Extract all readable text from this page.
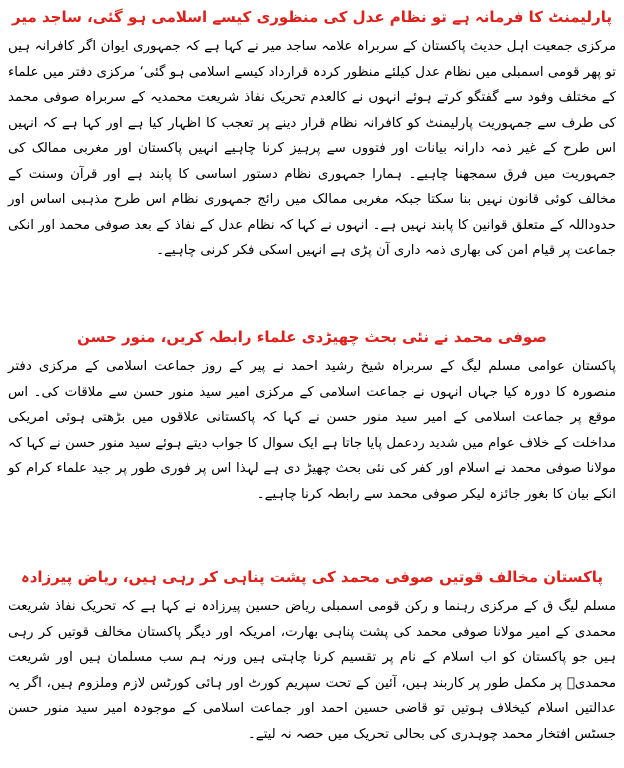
پارلیمنٹ کا فرمانہ ہے تو نظام عدل کی منظوری کیسے اسلامی ہو گئی، ساجد میر

مرکزی جمعیت اہل حدیث پاکستان کے سربراہ علامہ ساجد میر نے کہا ہے کہ جمہوری ایوان اگر کافرانہ ہیں تو پھر قومی اسمبلی میں نظام عدل کیلئے منظور کردہ قرارداد کیسے اسلامی ہو گئی‘ مرکزی دفتر میں علماء کے مختلف وفود سے گفتگو کرتے ہوئے انہوں نے کالعدم تحریک نفاذ شریعت محمدیہ کے سربراہ صوفی محمد کی طرف سے جمہوریت پارلیمنٹ کو کافرانہ نظام قرار دینے پر تعجب کا اظہار کیا ہے اور کہا ہے کہ انہیں اس طرح کے غیر ذمہ دارانہ بیانات اور فتووں سے پرہیز کرنا چاہیے انہیں پاکستان اور مغربی ممالک کی جمہوریت میں فرق سمجھنا چاہیے۔ ہمارا جمہوری نظام دستور اساسی کا پابند ہے اور قرآن وسنت کے مخالف کوئی قانون نہیں بنا سکتا جبکہ مغربی ممالک میں رائج جمہوری نظام اس طرح مذہبی اساس اور حدوداللہ کے متعلق قوانین کا پابند نہیں ہے۔ انہوں نے کہا کہ نظام عدل کے نفاذ کے بعد صوفی محمد اور انکی جماعت پر قیام امن کی بھاری ذمہ داری آن پڑی ہے انہیں اسکی فکر کرنی چاہیے۔

صوفی محمد نے نئی بحث چھیڑدی علماء رابطہ کریں، منور حسن

پاکستان عوامی مسلم لیگ کے سربراہ شیخ رشید احمد نے پیر کے روز جماعت اسلامی کے مرکزی دفتر منصورہ کا دورہ کیا جہاں انہوں نے جماعت اسلامی کے مرکزی امیر سید منور حسن سے ملاقات کی۔ اس موقع پر جماعت اسلامی کے امیر سید منور حسن نے کہا کہ پاکستانی علاقوں میں بڑھتی ہوئی امریکی مداخلت کے خلاف عوام میں شدید ردعمل پایا جاتا ہے ایک سوال کا جواب دیتے ہوئے سید منور حسن نے کہا کہ مولانا صوفی محمد نے اسلام اور کفر کی نئی بحث چھیڑ دی ہے لہذا اس پر فوری طور پر جید علماء کرام کو انکے بیان کا بغور جائزہ لیکر صوفی محمد سے رابطہ کرنا چاہیے۔

پاکستان مخالف قوتیں صوفی محمد کی پشت پناہی کر رہی ہیں، ریاض پیرزادہ

مسلم لیگ ق کے مرکزی رہنما و رکن قومی اسمبلی ریاض حسین پیرزادہ نے کہا ہے کہ تحریک نفاذ شریعت محمدی کے امیر مولانا صوفی محمد کی پشت پناہی بھارت، امریکہ اور دیگر پاکستان مخالف قوتیں کر رہی ہیں جو پاکستان کو اب اسلام کے نام پر تقسیم کرنا چاہتی ہیں ورنہ ہم سب مسلمان ہیں اور شریعت محمدیؐ پر مکمل طور پر کاربند ہیں، آئین کے تحت سپریم کورٹ اور ہائی کورٹس لازم وملزوم ہیں، اگر یہ عدالتیں اسلام کیخلاف ہوتیں تو قاضی حسین احمد اور جماعت اسلامی کے موجودہ امیر سید منور حسن جسٹس افتخار محمد چوہدری کی بحالی تحریک میں حصہ نہ لیتے۔
